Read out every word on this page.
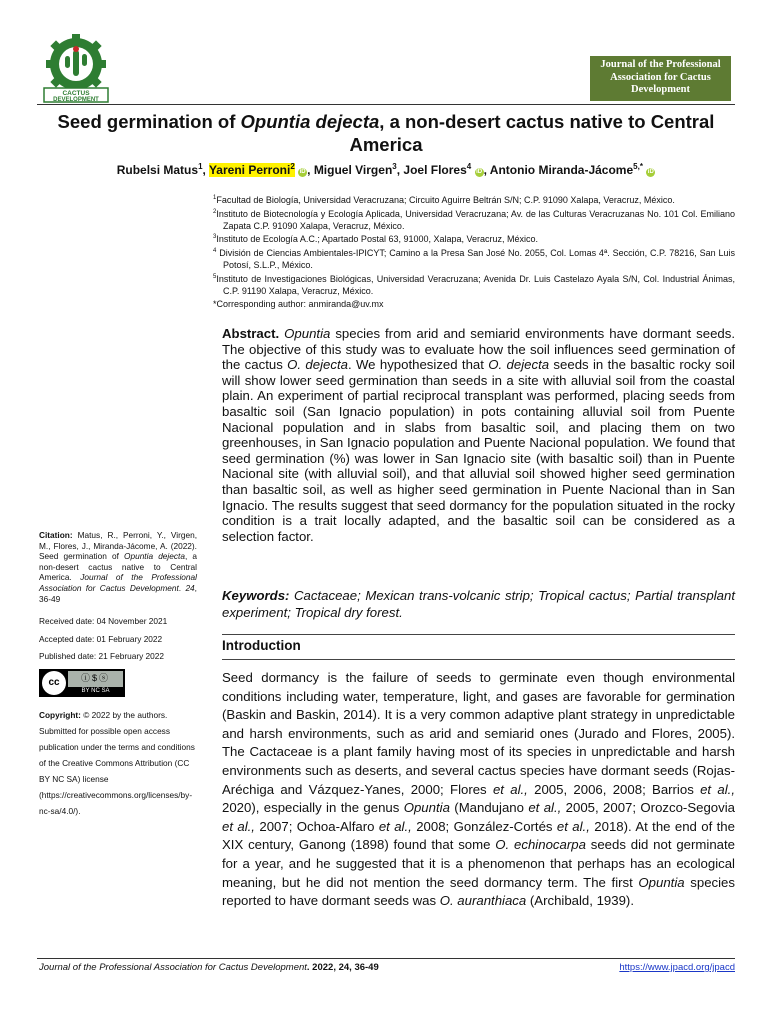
CACTUS
DEVELOPMENT
Journal of the Professional
Association for Cactus
Development
Seed germination of Opuntia dejecta, a non-desert cactus native to Central America
Rubelsi Matus$^1$, Yareni Perroni$^2$ iD , Miguel Virgen$^3$, Joel Flores$^4$ iD , Antonio Miranda-Jácome$^{5,*}$ iD
$^1$Facultad de Biología, Universidad Veracruzana; Circuito Aguirre Beltrán S/N; C.P. 91090 Xalapa, Veracruz, México.
$^2$Instituto de Biotecnología y Ecología Aplicada, Universidad Veracruzana; Av. de las Culturas Veracruzanas No. 101 Col. Emiliano Zapata C.P. 91090 Xalapa, Veracruz, México.
$^3$Instituto de Ecología A.C.; Apartado Postal 63, 91000, Xalapa, Veracruz, México.
$^4$ División de Ciencias Ambientales-IPICYT; Camino a la Presa San José No. 2055, Col. Lomas 4ª. Sección, C.P. 78216, San Luis Potosí, S.L.P., México.
$^5$Instituto de Investigaciones Biológicas, Universidad Veracruzana; Avenida Dr. Luis Castelazo Ayala S/N, Col. Industrial Ánimas, C.P. 91190 Xalapa, Veracruz, México.
*Corresponding author: anmiranda@uv.mx
Citation: Matus, R., Perroni, Y., Virgen, M., Flores, J., Miranda-Jácome, A. (2022). Seed germination of Opuntia dejecta, a non-desert cactus native to Central America. Journal of the Professional Association for Cactus Development. 24, 36-49
Received date: 04 November 2021
Accepted date: 01 February 2022
Published date: 21 February 2022
cc	ⓘ$ⓢ
BY NC SA
Copyright: © 2022 by the authors. Submitted for possible open access publication under the terms and conditions of the Creative Commons Attribution (CC BY NC SA) license (https://creativecommons.org/licenses/by-nc-sa/4.0/).

Abstract. Opuntia species from arid and semiarid environments have dormant seeds. The objective of this study was to evaluate how the soil influences seed germination of the cactus O. dejecta. We hypothesized that O. dejecta seeds in the basaltic rocky soil will show lower seed germination than seeds in a site with alluvial soil from the coastal plain. An experiment of partial reciprocal transplant was performed, placing seeds from basaltic soil (San Ignacio population) in pots containing alluvial soil from Puente Nacional population and in slabs from basaltic soil, and placing them on two greenhouses, in San Ignacio population and Puente Nacional population. We found that seed germination (%) was lower in San Ignacio site (with basaltic soil) than in Puente Nacional site (with alluvial soil), and that alluvial soil showed higher seed germination than basaltic soil, as well as higher seed germination in Puente Nacional than in San Ignacio. The results suggest that seed dormancy for the population situated in the rocky condition is a trait locally adapted, and the basaltic soil can be considered as a selection factor.

Keywords: Cactaceae; Mexican trans-volcanic strip; Tropical cactus; Partial transplant experiment; Tropical dry forest.

Introduction

Seed dormancy is the failure of seeds to germinate even though environmental conditions including water, temperature, light, and gases are favorable for germination (Baskin and Baskin, 2014). It is a very common adaptive plant strategy in unpredictable and harsh environments, such as arid and semiarid ones (Jurado and Flores, 2005). The Cactaceae is a plant family having most of its species in unpredictable and harsh environments such as deserts, and several cactus species have dormant seeds (Rojas-Aréchiga and Vázquez-Yanes, 2000; Flores et al., 2005, 2006, 2008; Barrios et al., 2020), especially in the genus Opuntia (Mandujano et al., 2005, 2007; Orozco-Segovia et al., 2007; Ochoa-Alfaro et al., 2008; González-Cortés et al., 2018). At the end of the XIX century, Ganong (1898) found that some O. echinocarpa seeds did not germinate for a year, and he suggested that it is a phenomenon that perhaps has an ecological meaning, but he did not mention the seed dormancy term. The first Opuntia species reported to have dormant seeds was O. auranthiaca (Archibald, 1939).

Journal of the Professional Association for Cactus Development. 2022, 24, 36-49	https://www.jpacd.org/jpacd
